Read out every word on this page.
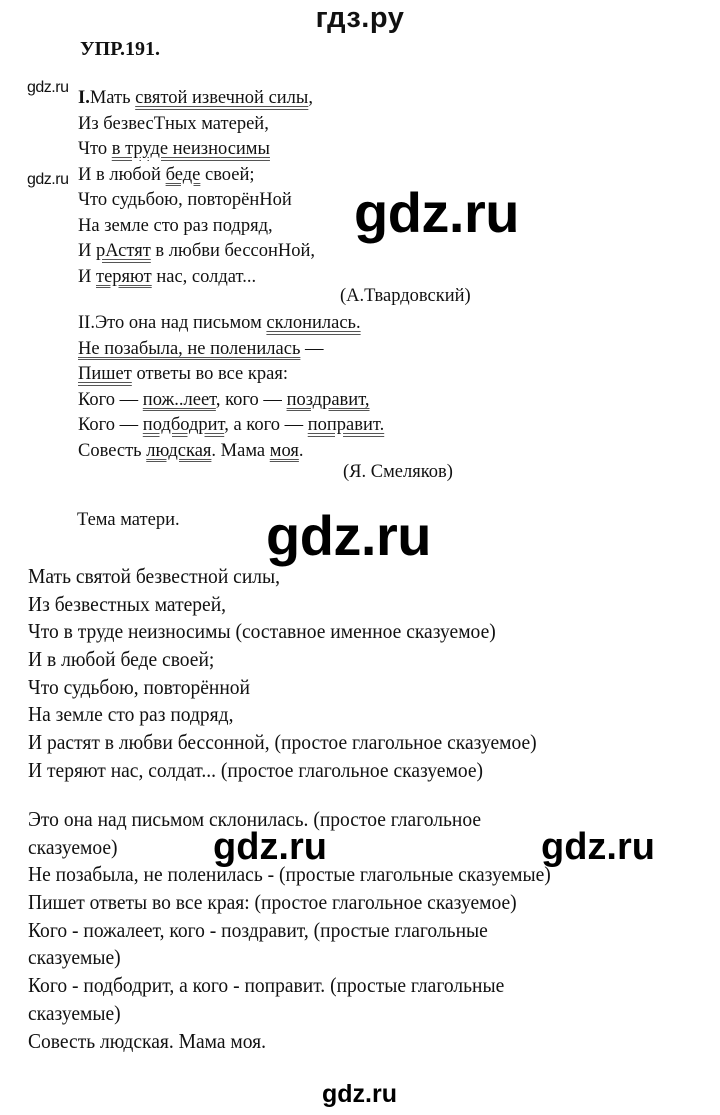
гдз.ру
УПР.191.
gdz.ru
gdz.ru
I.Мать святой извечной силы,
Из безвесТных матерей,
Что в труде неизносимы
И в любой беде своей;
Что судьбою, повторёнНой
На земле сто раз подряд,
И рАстят в любви бессонНой,
И теряют нас, солдат...
(А.Твардовский)
II.Это она над письмом склонилась.
Не позабыла, не поленилась —
Пишет ответы во все края:
Кого — пож..леет, кого — поздравит,
Кого — подбодрит, а кого — поправит.
Совесть людская. Мама моя.
(Я. Смеляков)
gdz.ru
gdz.ru
Тема матери.
Мать святой безвестной силы,
Из безвестных матерей,
Что в труде неизносимы (составное именное сказуемое)
И в любой беде своей;
Что судьбою, повторённой
На земле сто раз подряд,
И растят в любви бессонной, (простое глагольное сказуемое)
И теряют нас, солдат... (простое глагольное сказуемое)
Это она над письмом склонилась. (простое глагольное
сказуемое)
Не позабыла, не поленилась - (простые глагольные сказуемые)
Пишет ответы во все края: (простое глагольное сказуемое)
Кого - пожалеет, кого - поздравит, (простые глагольные
сказуемые)
Кого - подбодрит, а кого - поправит. (простые глагольные
сказуемые)
Совесть людская. Мама моя.
gdz.ru	gdz.ru
gdz.ru
